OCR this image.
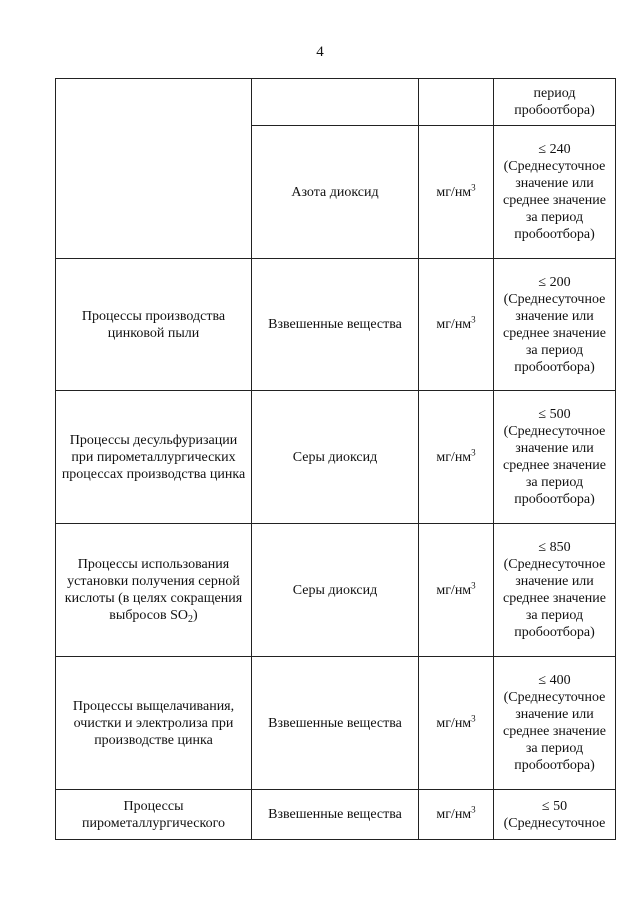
4

			период пробоотбора)

	Азота диоксид	$мг/нм^3$	≤ 240
(Среднесуточное значение или среднее значение за период пробоотбора)

Процессы производства цинковой пыли	Взвешенные вещества	$мг/нм^3$	≤ 200
(Среднесуточное значение или среднее значение за период пробоотбора)

Процессы десульфуризации при пирометаллургических процессах производства цинка	Серы диоксид	$мг/нм^3$	≤ 500
(Среднесуточное значение или среднее значение за период пробоотбора)

Процессы использования установки получения серной кислоты (в целях сокращения выбросов $SO_2$)	Серы диоксид	$мг/нм^3$	≤ 850
(Среднесуточное значение или среднее значение за период пробоотбора)

Процессы выщелачивания, очистки и электролиза при производстве цинка	Взвешенные вещества	$мг/нм^3$	≤ 400
(Среднесуточное значение или среднее значение за период пробоотбора)

Процессы пирометаллургического	Взвешенные вещества	$мг/нм^3$	≤ 50
(Среднесуточное
